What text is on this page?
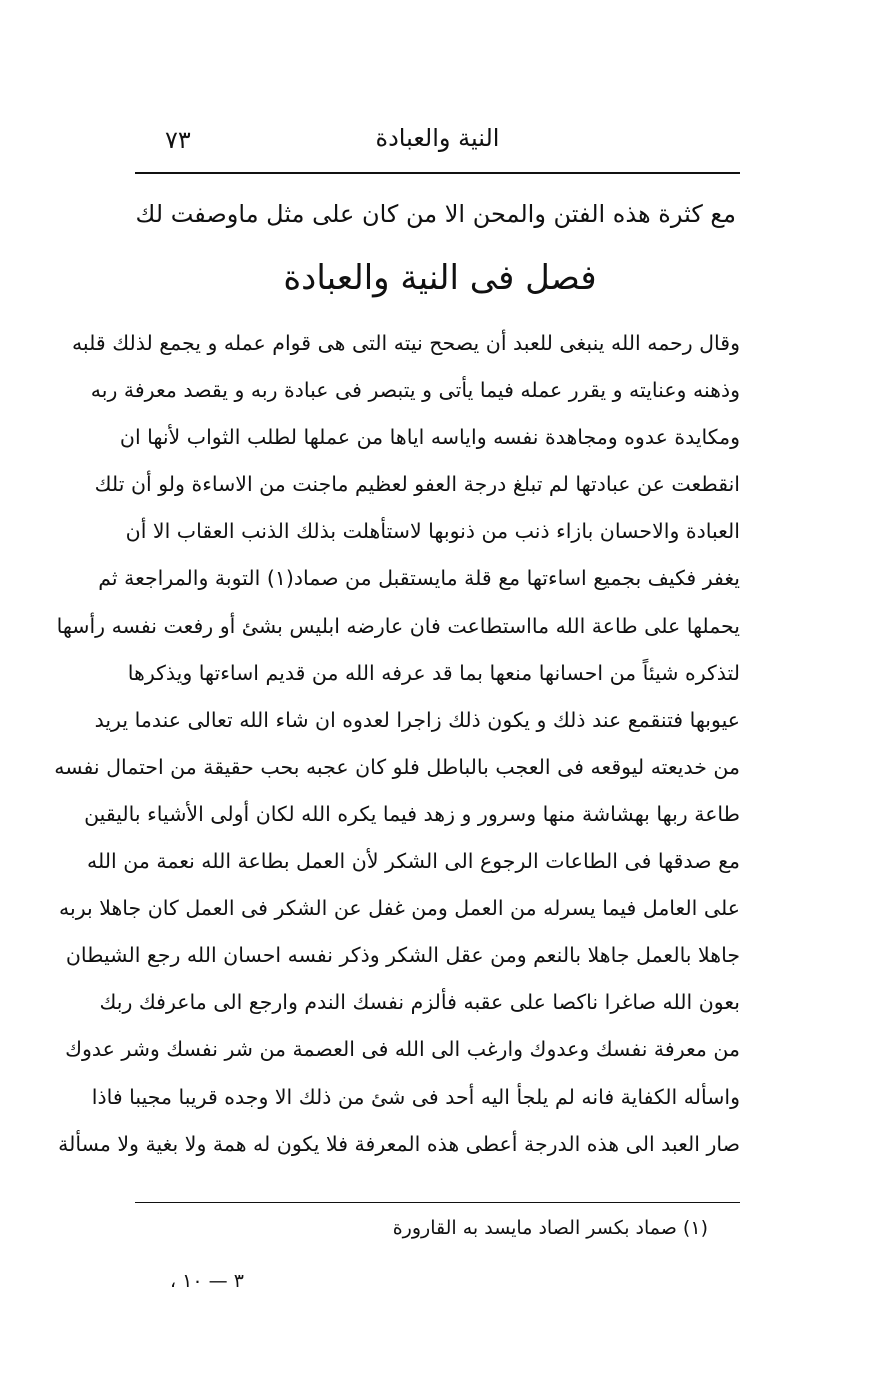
النية والعبادة
٧٣
مع كثرة هذه الفتن والمحن الا من كان على مثل ماوصفت لك
فصل فى النية والعبادة
وقال رحمه الله ينبغى للعبد أن يصحح نيته التى هى قوام عمله و يجمع لذلك قلبه
وذهنه وعنايته و يقرر عمله فيما يأتى و يتبصر فى عبادة ربه و يقصد معرفة ربه
ومكايدة عدوه ومجاهدة نفسه واياسه اياها من عملها لطلب الثواب لأنها ان
انقطعت عن عبادتها لم تبلغ درجة العفو لعظيم ماجنت من الاساءة ولو أن تلك
العبادة والاحسان بازاء ذنب من ذنوبها لاستأهلت بذلك الذنب العقاب الا أن
يغفر فكيف بجميع اساءتها مع قلة مايستقبل من صماد(١) التوبة والمراجعة ثم
يحملها على طاعة الله مااستطاعت فان عارضه ابليس بشئ أو رفعت نفسه رأسها
لتذكره شيئاً من احسانها منعها بما قد عرفه الله من قديم اساءتها ويذكرها
عيوبها فتنقمع عند ذلك و يكون ذلك زاجرا لعدوه ان شاء الله تعالى عندما يريد
من خديعته ليوقعه فى العجب بالباطل فلو كان عجبه بحب حقيقة من احتمال نفسه
طاعة ربها بهشاشة منها وسرور و زهد فيما يكره الله لكان أولى الأشياء باليقين
مع صدقها فى الطاعات الرجوع الى الشكر لأن العمل بطاعة الله نعمة من الله
على العامل فيما يسرله من العمل ومن غفل عن الشكر فى العمل كان جاهلا بربه
جاهلا بالعمل جاهلا بالنعم ومن عقل الشكر وذكر نفسه احسان الله رجع الشيطان
بعون الله صاغرا ناكصا على عقبه فألزم نفسك الندم وارجع الى ماعرفك ربك
من معرفة نفسك وعدوك وارغب الى الله فى العصمة من شر نفسك وشر عدوك
واسأله الكفاية فانه لم يلجأ اليه أحد فى شئ من ذلك الا وجده قريبا مجيبا فاذا
صار العبد الى هذه الدرجة أعطى هذه المعرفة فلا يكون له همة ولا بغية ولا مسألة
(١) صماد بكسر الصاد مايسد به القارورة
٣ — ١٠ ،
